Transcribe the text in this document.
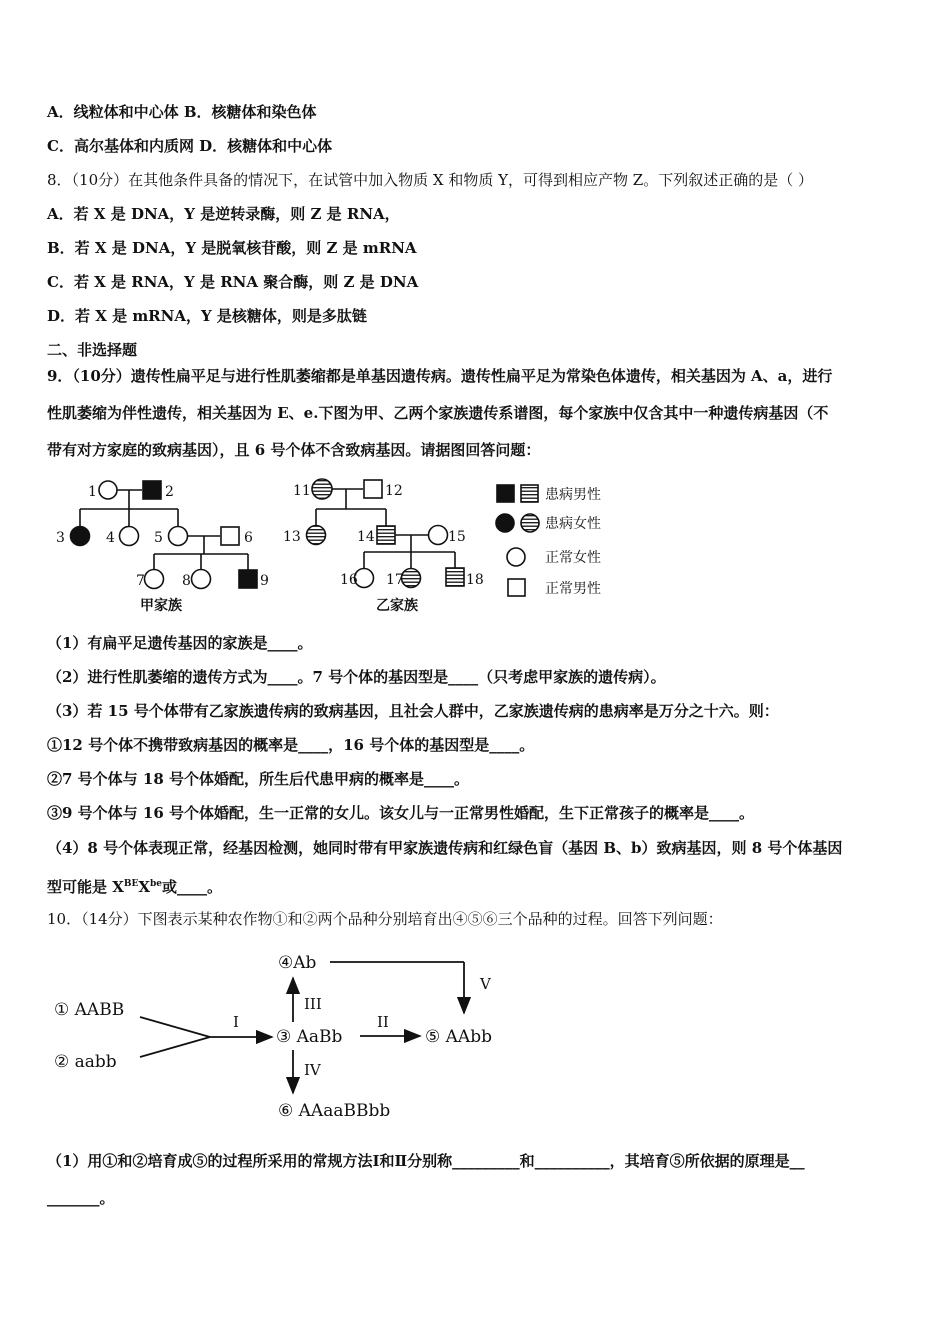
A．线粒体和中心体 B．核糖体和染色体
C．高尔基体和内质网 D．核糖体和中心体
8．（10分）在其他条件具备的情况下，在试管中加入物质 X 和物质 Y，可得到相应产物 Z。下列叙述正确的是（ ）
A．若 X 是 DNA，Y 是逆转录酶，则 Z 是 RNA，
B．若 X 是 DNA，Y 是脱氧核苷酸，则 Z 是 mRNA
C．若 X 是 RNA，Y 是 RNA 聚合酶，则 Z 是 DNA
D．若 X 是 mRNA，Y 是核糖体，则是多肽链
二、非选择题
9．（10分）遗传性扁平足与进行性肌萎缩都是单基因遗传病。遗传性扁平足为常染色体遗传，相关基因为 A、a，进行
性肌萎缩为伴性遗传，相关基因为 E、e.下图为甲、乙两个家族遗传系谱图，每个家族中仅含其中一种遗传病基因（不
带有对方家庭的致病基因），且 6 号个体不含致病基因。请据图回答问题：
1	2
3	4	5	6
7	8	9
11	12
13	14	15
16 17	18
甲家族	乙家族
患病男性
患病女性
正常女性
正常男性
（1）有扁平足遗传基因的家族是____。
（2）进行性肌萎缩的遗传方式为____。7 号个体的基因型是____（只考虑甲家族的遗传病）。
（3）若 15 号个体带有乙家族遗传病的致病基因，且社会人群中，乙家族遗传病的患病率是万分之十六。则：
①12 号个体不携带致病基因的概率是____，16 号个体的基因型是____。
②7 号个体与 18 号个体婚配，所生后代患甲病的概率是____。
③9 号个体与 16 号个体婚配，生一正常的女儿。该女儿与一正常男性婚配，生下正常孩子的概率是____。
（4）8 号个体表现正常，经基因检测，她同时带有甲家族遗传病和红绿色盲（基因 B、b）致病基因，则 8 号个体基因
型可能是 $X^{BE}X^{be}$或____。
10．（14分）下图表示某种农作物①和②两个品种分别培育出④⑤⑥三个品种的过程。回答下列问题：
① AABB
② aabb
③ AaBb
④Ab
⑤ AAbb
⑥ AAaaBBbb
I	II
III
IV
V
（1）用①和②培育成⑤的过程所采用的常规方法Ⅰ和Ⅱ分别称_________和__________，其培育⑤所依据的原理是__
_______。
